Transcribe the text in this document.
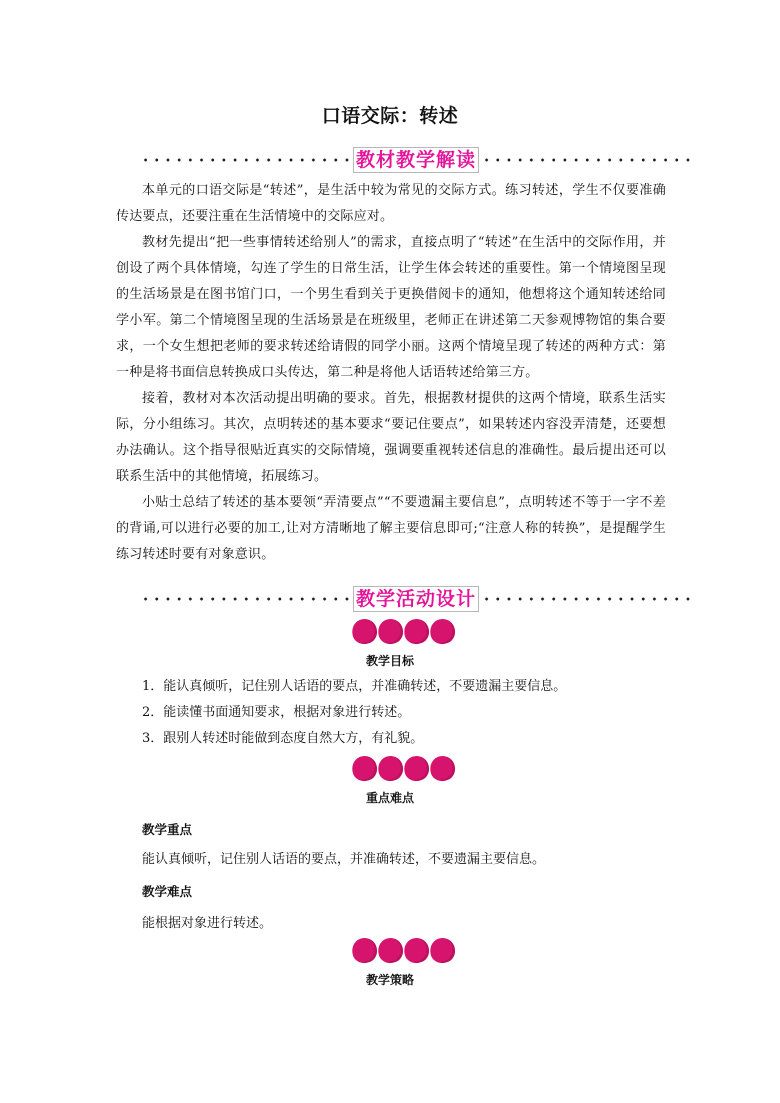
口语交际：转述
教材教学解读

本单元的口语交际是“转述”，是生活中较为常见的交际方式。练习转述，学生不仅要准确传达要点，还要注重在生活情境中的交际应对。

教材先提出“把一些事情转述给别人”的需求，直接点明了“转述”在生活中的交际作用，并创设了两个具体情境，勾连了学生的日常生活，让学生体会转述的重要性。第一个情境图呈现的生活场景是在图书馆门口，一个男生看到关于更换借阅卡的通知，他想将这个通知转述给同学小军。第二个情境图呈现的生活场景是在班级里，老师正在讲述第二天参观博物馆的集合要求，一个女生想把老师的要求转述给请假的同学小丽。这两个情境呈现了转述的两种方式：第一种是将书面信息转换成口头传达，第二种是将他人话语转述给第三方。

接着，教材对本次活动提出明确的要求。首先，根据教材提供的这两个情境，联系生活实际，分小组练习。其次，点明转述的基本要求“要记住要点”，如果转述内容没弄清楚，还要想办法确认。这个指导很贴近真实的交际情境，强调要重视转述信息的准确性。最后提出还可以联系生活中的其他情境，拓展练习。

小贴士总结了转述的基本要领“弄清要点”“不要遗漏主要信息”，点明转述不等于一字不差的背诵,可以进行必要的加工,让对方清晰地了解主要信息即可;“注意人称的转换”，是提醒学生练习转述时要有对象意识。

教学活动设计
教学目标

1．能认真倾听，记住别人话语的要点，并准确转述，不要遗漏主要信息。

2．能读懂书面通知要求，根据对象进行转述。

3．跟别人转述时能做到态度自然大方，有礼貌。

重点难点

教学重点

能认真倾听，记住别人话语的要点，并准确转述，不要遗漏主要信息。

教学难点

能根据对象进行转述。

教学策略
